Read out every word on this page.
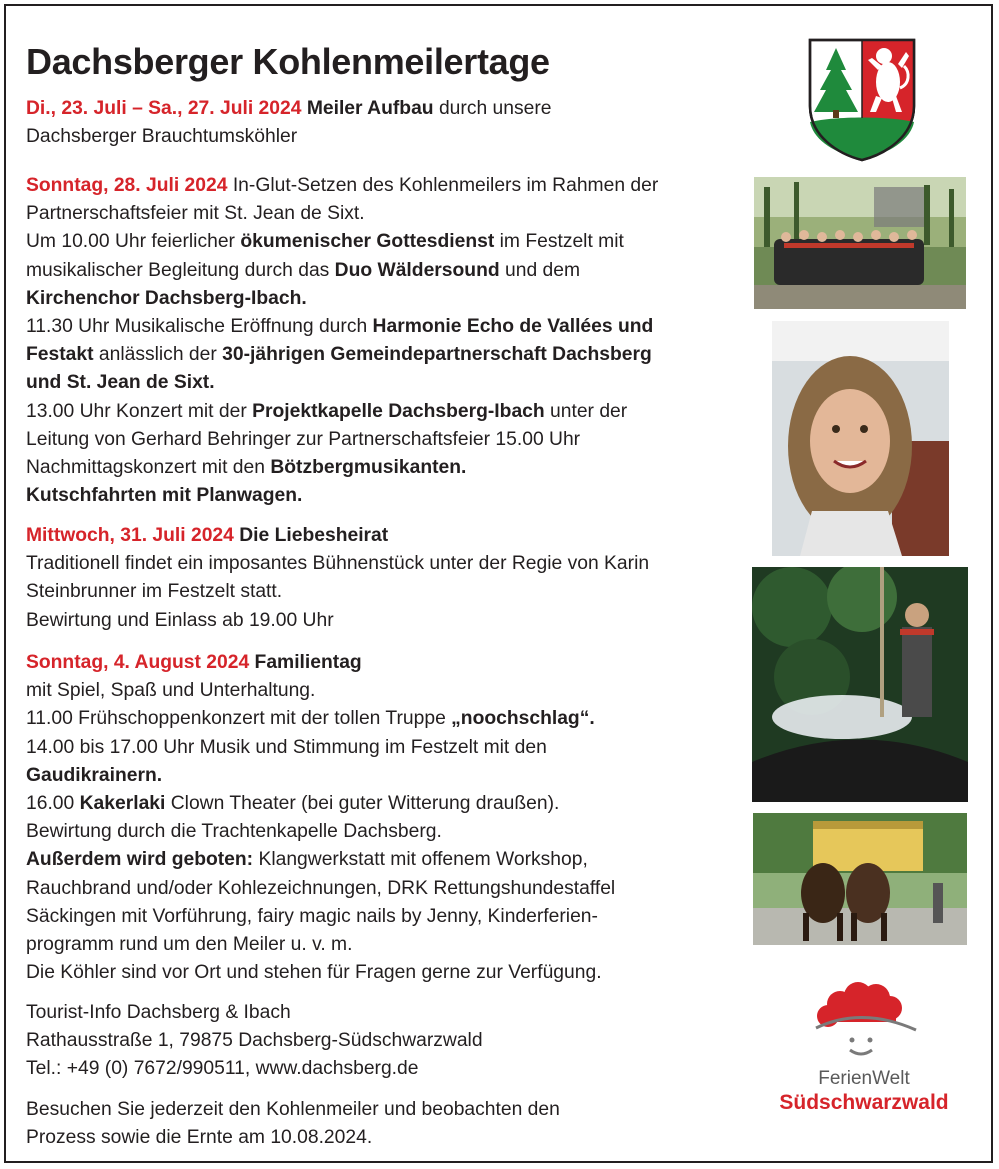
Dachsberger Kohlenmeilertage

Di., 23. Juli – Sa., 27. Juli 2024 Meiler Aufbau durch unsere

Dachsberger Brauchtumsköhler

Sonntag, 28. Juli 2024 In-Glut-Setzen des Kohlenmeilers im Rahmen der

Partnerschaftsfeier mit St. Jean de Sixt.

Um 10.00 Uhr feierlicher ökumenischer Gottesdienst im Festzelt mit

musikalischer Begleitung durch das Duo Wäldersound und dem

Kirchenchor Dachsberg-Ibach.

11.30 Uhr Musikalische Eröffnung durch Harmonie Echo de Vallées und

Festakt anlässlich der 30-jährigen Gemeindepartnerschaft Dachsberg

und St. Jean de Sixt.

13.00 Uhr Konzert mit der Projektkapelle Dachsberg-Ibach unter der

Leitung von Gerhard Behringer zur Partnerschaftsfeier 15.00 Uhr

Nachmittagskonzert mit den Bötzbergmusikanten.

Kutschfahrten mit Planwagen.

Mittwoch, 31. Juli 2024 Die Liebesheirat

Traditionell findet ein imposantes Bühnenstück unter der Regie von Karin

Steinbrunner im Festzelt statt.

Bewirtung und Einlass ab 19.00 Uhr

Sonntag, 4. August 2024 Familientag

mit Spiel, Spaß und Unterhaltung.

11.00 Frühschoppenkonzert mit der tollen Truppe „noochschlag“.

14.00 bis 17.00 Uhr Musik und Stimmung im Festzelt mit den

Gaudikrainern.

16.00 Kakerlaki Clown Theater (bei guter Witterung draußen).

Bewirtung durch die Trachtenkapelle Dachsberg.

Außerdem wird geboten: Klangwerkstatt mit offenem Workshop,

Rauchbrand und/oder Kohlezeichnungen, DRK Rettungshundestaffel

Säckingen mit Vorführung, fairy magic nails by Jenny, Kinderferien-

programm rund um den Meiler u. v. m.

Die Köhler sind vor Ort und stehen für Fragen gerne zur Verfügung.

Tourist-Info Dachsberg & Ibach

Rathausstraße 1, 79875 Dachsberg-Südschwarzwald

Tel.: +49 (0) 7672/990511, www.dachsberg.de

Besuchen Sie jederzeit den Kohlenmeiler und beobachten den

Prozess sowie die Ernte am 10.08.2024.

FerienWelt
Südschwarzwald
